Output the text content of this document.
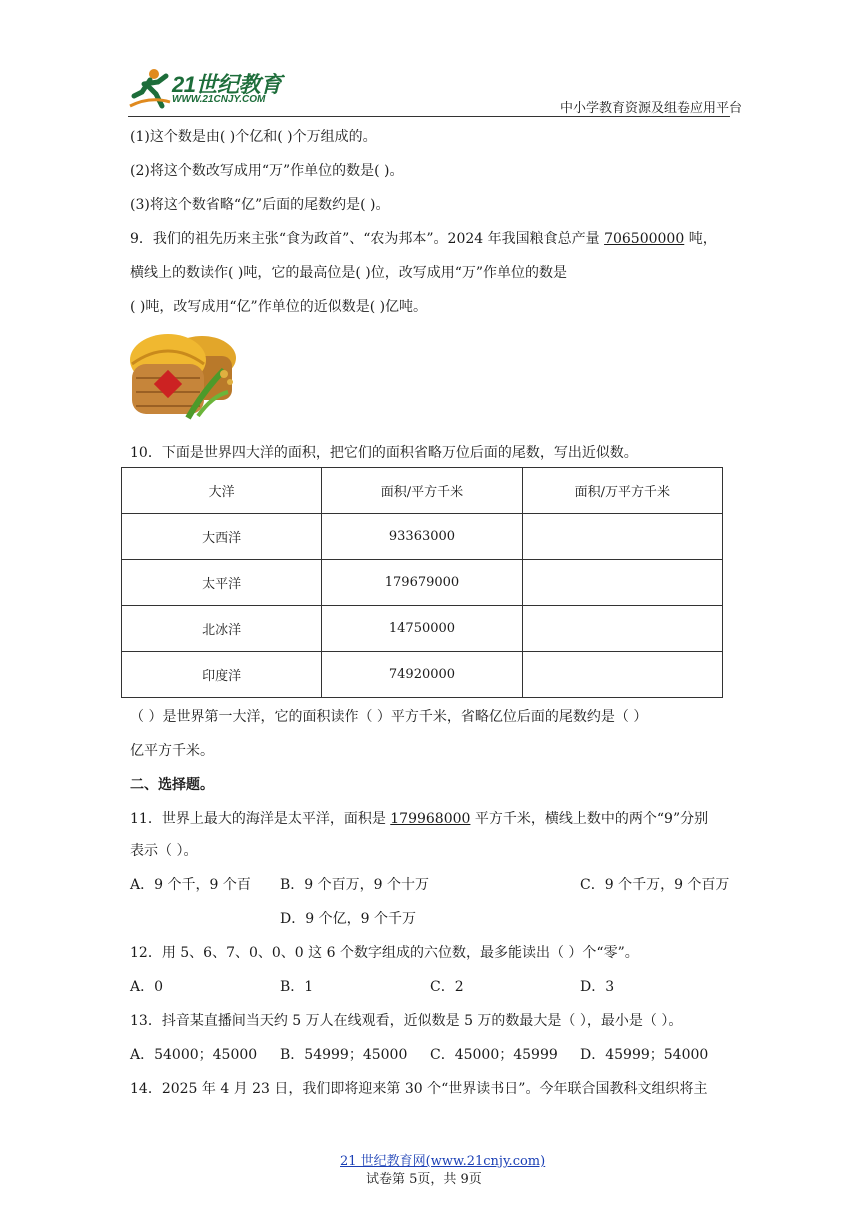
21世纪教育
WWW.21CNJY.COM
中小学教育资源及组卷应用平台
(1)这个数是由( )个亿和( )个万组成的。
(2)将这个数改写成用“万”作单位的数是( )。
(3)将这个数省略“亿”后面的尾数约是( )。
9．我们的祖先历来主张“食为政首”、“农为邦本”。2024 年我国粮食总产量 706500000 吨，
横线上的数读作( )吨，它的最高位是( )位，改写成用“万”作单位的数是
( )吨，改写成用“亿”作单位的近似数是( )亿吨。
10．下面是世界四大洋的面积，把它们的面积省略万位后面的尾数，写出近似数。
大洋	面积/平方千米	面积/万平方千米
大西洋	93363000	
太平洋	179679000	
北冰洋	14750000	
印度洋	74920000	
（ ）是世界第一大洋，它的面积读作（ ）平方千米，省略亿位后面的尾数约是（ ）
亿平方千米。
二、选择题。
11．世界上最大的海洋是太平洋，面积是 179968000 平方千米，横线上数中的两个“9”分别
表示（ ）。
A．9 个千，9 个百 B．9 个百万，9 个十万	C．9 个千万，9 个百万
D．9 个亿，9 个千万
12．用 5、6、7、0、0、0 这 6 个数字组成的六位数，最多能读出（ ）个“零”。
A．0	B．1	C．2	D．3
13．抖音某直播间当天约 5 万人在线观看，近似数是 5 万的数最大是（ ），最小是（ ）。
A．54000；45000 B．54999；45000 C．45000；45999 D．45999；54000
14．2025 年 4 月 23 日，我们即将迎来第 30 个“世界读书日”。今年联合国教科文组织将主
21 世纪教育网(www.21cnjy.com)
试卷第 5页，共 9页
